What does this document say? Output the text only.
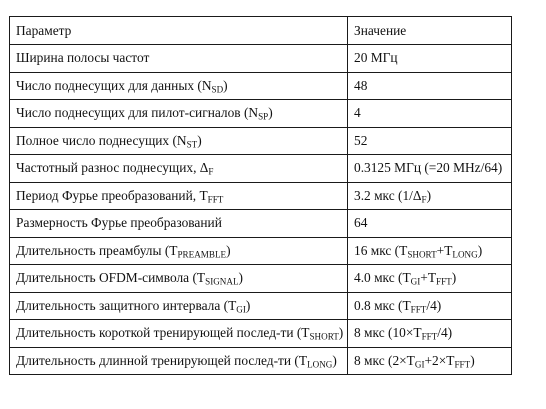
Параметр	Значение
Ширина полосы частот	20 МГц
Число поднесущих для данных $(N_{SD})$	48
Число поднесущих для пилот-сигналов $(N_{SP})$	4
Полное число поднесущих $(N_{ST})$	52
Частотный разнос поднесущих, $\Delta_F$	0.3125 МГц (=20 MHz/64)
Период Фурье преобразований, $T_{FFT}$	3.2 мкс $(1/\Delta_F)$
Размерность Фурье преобразований	64
Длительность преамбулы $(T_{PREAMBLE})$	16 мкс $(T_{SHORT}+T_{LONG})$
Длительность OFDM-символа $(T_{SIGNAL})$	4.0 мкс $(T_{GI}+T_{FFT})$
Длительность защитного интервала $(T_{GI})$	0.8 мкс $(T_{FFT}/4)$
Длительность короткой тренирующей послед-ти $(T_{SHORT})$	8 мкс $(10\times T_{FFT}/4)$
Длительность длинной тренирующей послед-ти $(T_{LONG})$	8 мкс $(2\times T_{GI}+2\times T_{FFT})$
